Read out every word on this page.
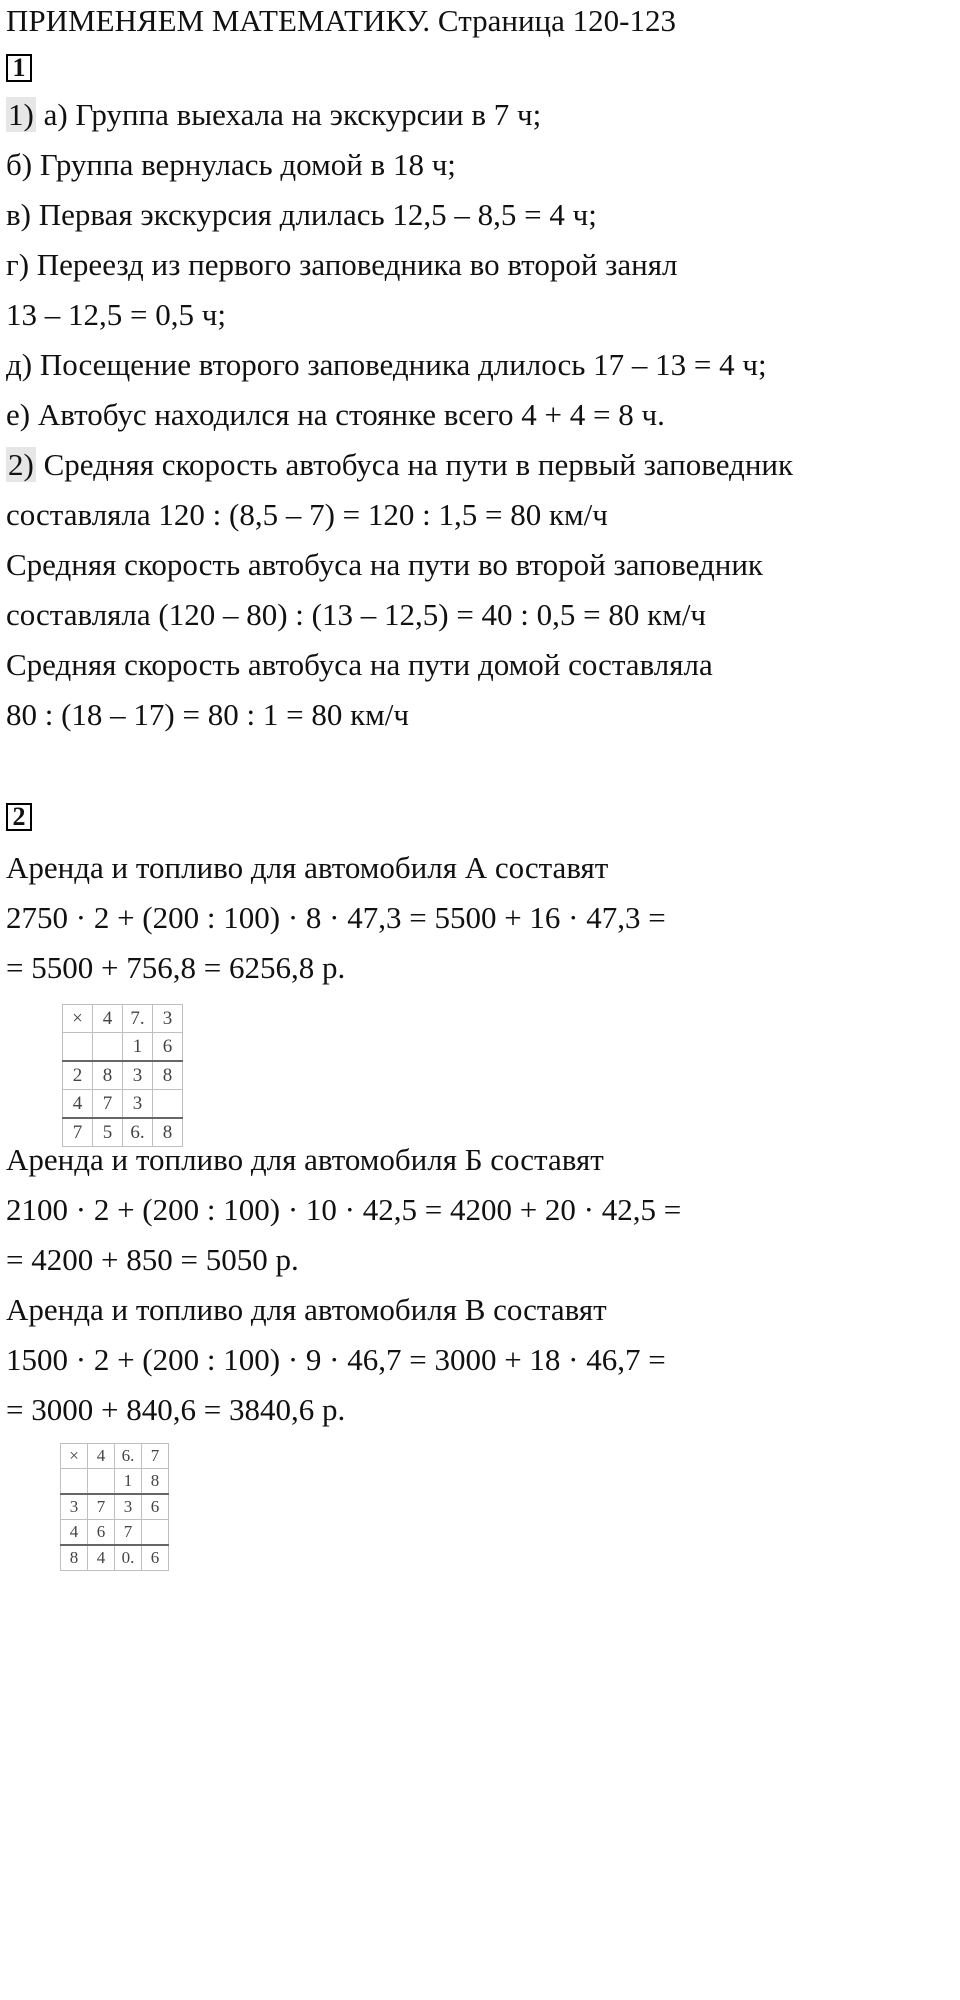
ПРИМЕНЯЕМ МАТЕМАТИКУ. Страница 120-123
1
1) а) Группа выехала на экскурсии в 7 ч;
б) Группа вернулась домой в 18 ч;
в) Первая экскурсия длилась 12,5 – 8,5 = 4 ч;
г) Переезд из первого заповедника во второй занял
13 – 12,5 = 0,5 ч;
д) Посещение второго заповедника длилось 17 – 13 = 4 ч;
е) Автобус находился на стоянке всего 4 + 4 = 8 ч.
2) Средняя скорость автобуса на пути в первый заповедник
составляла 120 : (8,5 – 7) = 120 : 1,5 = 80 км/ч
Средняя скорость автобуса на пути во второй заповедник
составляла (120 – 80) : (13 – 12,5) = 40 : 0,5 = 80 км/ч
Средняя скорость автобуса на пути домой составляла
80 : (18 – 17) = 80 : 1 = 80 км/ч
2
Аренда и топливо для автомобиля А составят
2750 · 2 + (200 : 100) · 8 · 47,3 = 5500 + 16 · 47,3 =
= 5500 + 756,8 = 6256,8 р.
×	4	7.	3
		1	6
2	8	3	8
4	7	3	
7	5	6.	8
Аренда и топливо для автомобиля Б составят
2100 · 2 + (200 : 100) · 10 · 42,5 = 4200 + 20 · 42,5 =
= 4200 + 850 = 5050 р.
Аренда и топливо для автомобиля В составят
1500 · 2 + (200 : 100) · 9 · 46,7 = 3000 + 18 · 46,7 =
= 3000 + 840,6 = 3840,6 р.
×	4	6.	7
		1	8
3	7	3	6
4	6	7	
8	4	0.	6
